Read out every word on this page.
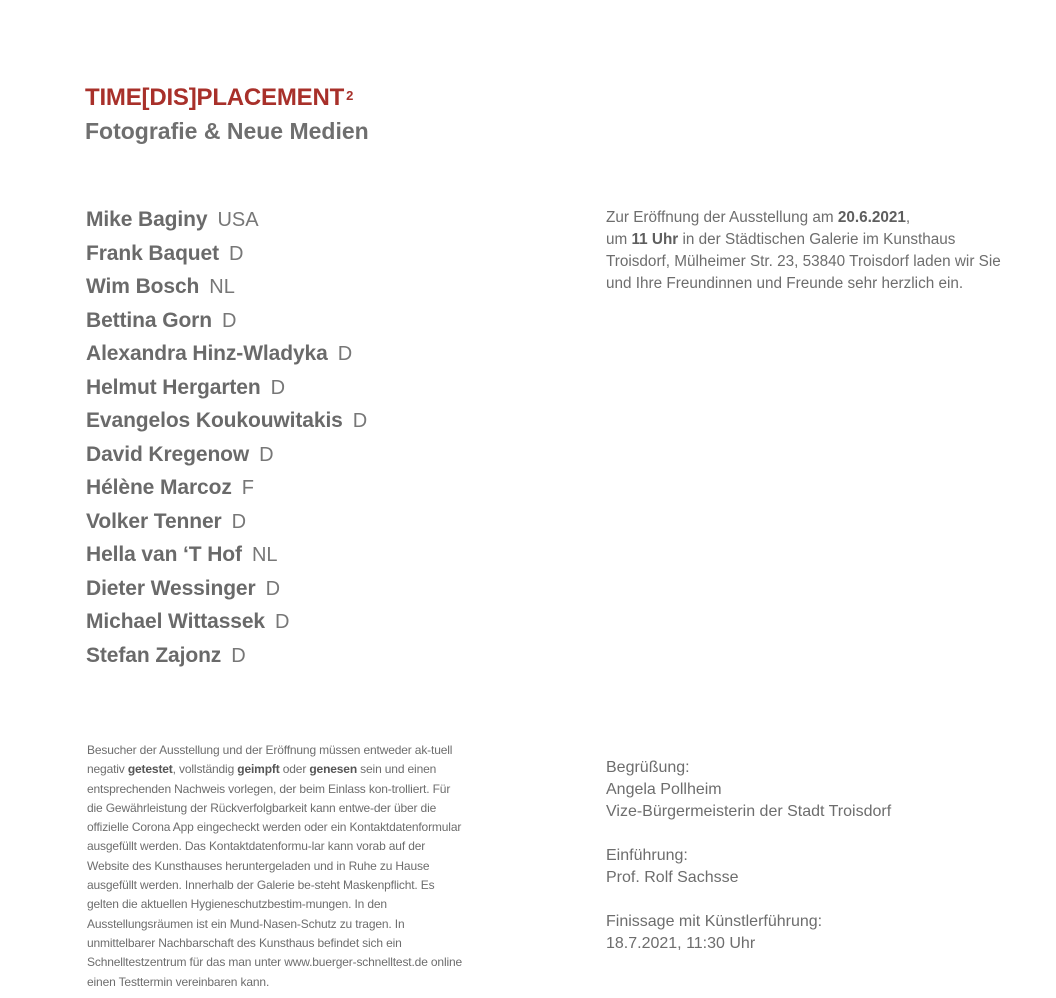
TIME[DIS]PLACEMENT $^2$
Fotografie & Neue Medien
Mike Baginy USA
Frank Baquet D
Wim Bosch NL
Bettina Gorn D
Alexandra Hinz-Wladyka D
Helmut Hergarten D
Evangelos Koukouwitakis D
David Kregenow D
Hélène Marcoz F
Volker Tenner D
Hella van ‘T Hof NL
Dieter Wessinger D
Michael Wittassek D
Stefan Zajonz D

Zur Eröffnung der Ausstellung am 20.6.2021,
um 11 Uhr in der Städtischen Galerie im Kunsthaus Troisdorf, Mülheimer Str. 23, 53840 Troisdorf laden wir Sie und Ihre Freundinnen und Freunde sehr herzlich ein.

Besucher der Ausstellung und der Eröffnung müssen entweder ak-tuell negativ getestet, vollständig geimpft oder genesen sein und einen entsprechenden Nachweis vorlegen, der beim Einlass kon-trolliert. Für die Gewährleistung der Rückverfolgbarkeit kann entwe-der über die offizielle Corona App eingecheckt werden oder ein Kontaktdatenformular ausgefüllt werden. Das Kontaktdatenformu-lar kann vorab auf der Website des Kunsthauses heruntergeladen und in Ruhe zu Hause ausgefüllt werden. Innerhalb der Galerie be-steht Maskenpflicht. Es gelten die aktuellen Hygieneschutzbestim-mungen. In den Ausstellungsräumen ist ein Mund-Nasen-Schutz zu tragen. In unmittelbarer Nachbarschaft des Kunsthaus befindet sich ein Schnelltestzentrum für das man unter www.buerger-schnelltest.de online einen Testtermin vereinbaren kann.

Begrüßung:
Angela Pollheim
Vize-Bürgermeisterin der Stadt Troisdorf
Einführung:
Prof. Rolf Sachsse
Finissage mit Künstlerführung:
18.7.2021, 11:30 Uhr
